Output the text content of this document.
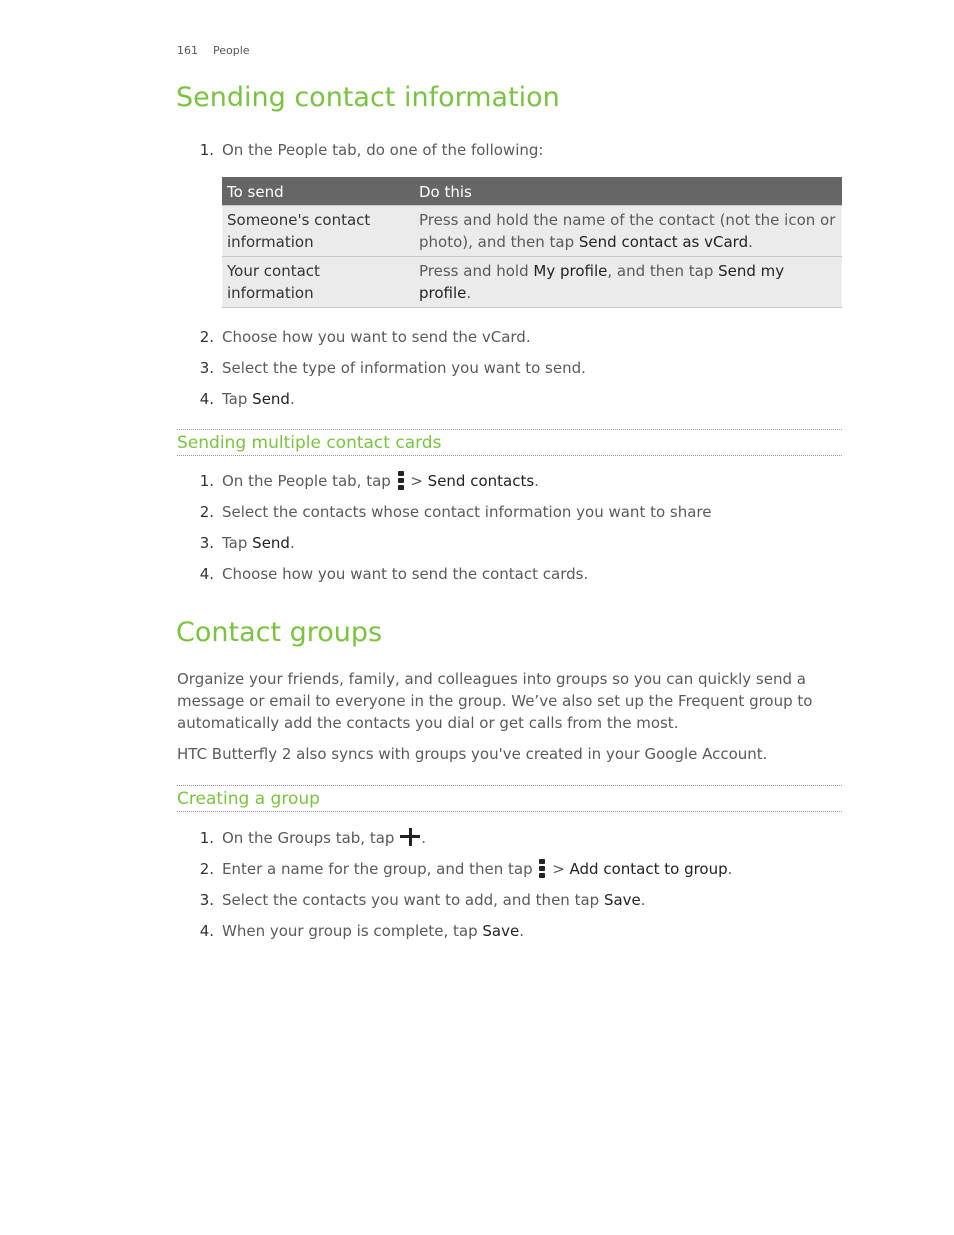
161 People
Sending contact information
1. On the People tab, do one of the following:
To send	Do this
Someone's contact information	Press and hold the name of the contact (not the icon or photo), and then tap Send contact as vCard.
Your contact information	Press and hold My profile, and then tap Send my profile.
2. Choose how you want to send the vCard.
3. Select the type of information you want to send.
4. Tap Send.
Sending multiple contact cards
1. On the People tab, tap
> Send contacts.
2. Select the contacts whose contact information you want to share
3. Tap Send.
4. Choose how you want to send the contact cards.
Contact groups

Organize your friends, family, and colleagues into groups so you can quickly send a message or email to everyone in the group. We’ve also set up the Frequent group to automatically add the contacts you dial or get calls from the most.

HTC Butterfly 2 also syncs with groups you've created in your Google Account.

Creating a group
1. On the Groups tab, tap .
2. Enter a name for the group, and then tap
> Add contact to group.
3. Select the contacts you want to add, and then tap Save.
4. When your group is complete, tap Save.
